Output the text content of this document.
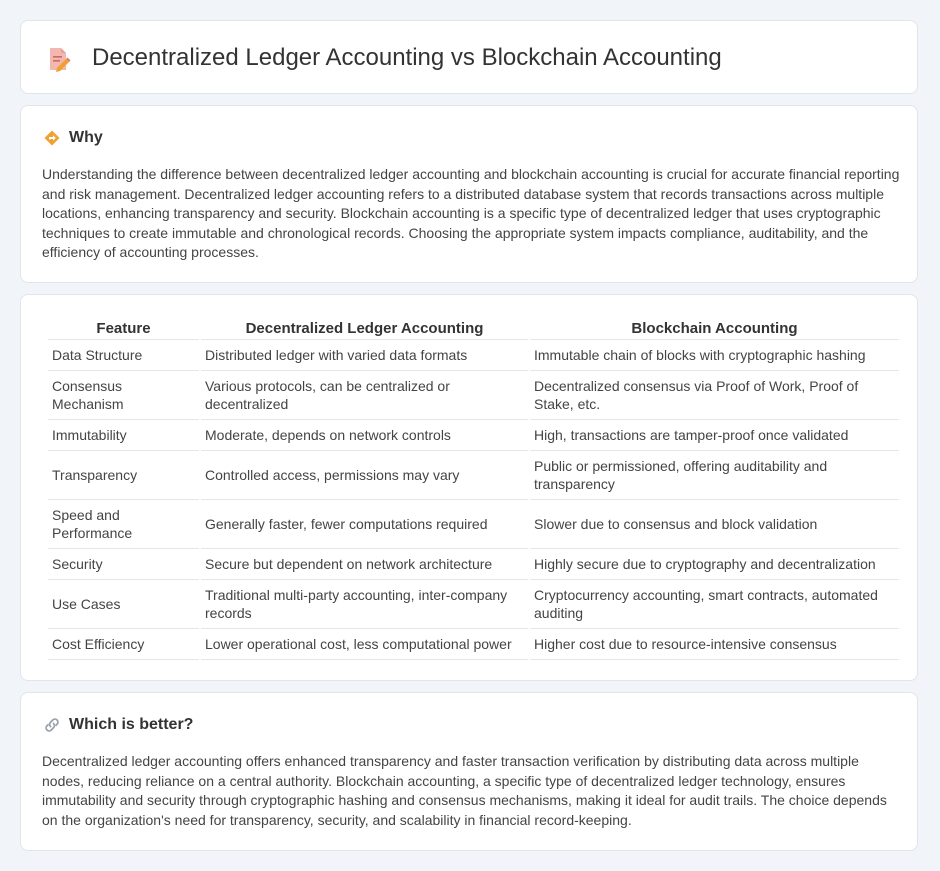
Decentralized Ledger Accounting vs Blockchain Accounting
Why

Understanding the difference between decentralized ledger accounting and blockchain accounting is crucial for accurate financial reporting and risk management. Decentralized ledger accounting refers to a distributed database system that records transactions across multiple locations, enhancing transparency and security. Blockchain accounting is a specific type of decentralized ledger that uses cryptographic techniques to create immutable and chronological records. Choosing the appropriate system impacts compliance, auditability, and the efficiency of accounting processes.

Feature	Decentralized Ledger Accounting	Blockchain Accounting
Data Structure	Distributed ledger with varied data formats	Immutable chain of blocks with cryptographic hashing
Consensus Mechanism	Various protocols, can be centralized or decentralized	Decentralized consensus via Proof of Work, Proof of Stake, etc.
Immutability	Moderate, depends on network controls	High, transactions are tamper-proof once validated
Transparency	Controlled access, permissions may vary	Public or permissioned, offering auditability and transparency
Speed and Performance	Generally faster, fewer computations required	Slower due to consensus and block validation
Security	Secure but dependent on network architecture	Highly secure due to cryptography and decentralization
Use Cases	Traditional multi-party accounting, inter-company records	Cryptocurrency accounting, smart contracts, automated auditing
Cost Efficiency	Lower operational cost, less computational power	Higher cost due to resource-intensive consensus
Which is better?

Decentralized ledger accounting offers enhanced transparency and faster transaction verification by distributing data across multiple nodes, reducing reliance on a central authority. Blockchain accounting, a specific type of decentralized ledger technology, ensures immutability and security through cryptographic hashing and consensus mechanisms, making it ideal for audit trails. The choice depends on the organization's need for transparency, security, and scalability in financial record-keeping.
